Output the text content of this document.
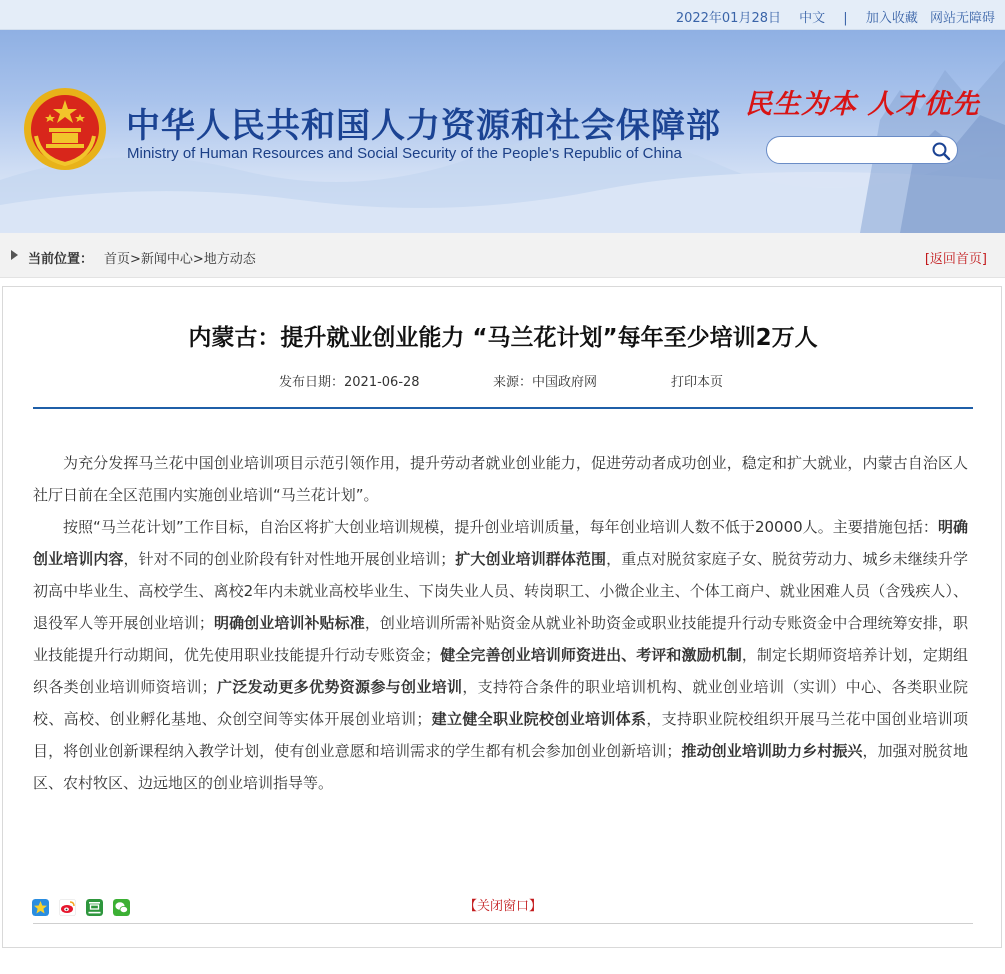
2022年01月28日 中文 | 加入收藏 网站无障碍
中华人民共和国人力资源和社会保障部
Ministry of Human Resources and Social Security of the People's Republic of China
民生为本 人才优先
当前位置： 首页>新闻中心>地方动态	[返回首页]
内蒙古：提升就业创业能力 “马兰花计划”每年至少培训2万人
发布日期：2021-06-28	来源：中国政府网	打印本页

为充分发挥马兰花中国创业培训项目示范引领作用，提升劳动者就业创业能力，促进劳动者成功创业，稳定和扩大就业，内蒙古自治区人社厅日前在全区范围内实施创业培训“马兰花计划”。

按照“马兰花计划”工作目标，自治区将扩大创业培训规模，提升创业培训质量，每年创业培训人数不低于20000人。主要措施包括：明确创业培训内容，针对不同的创业阶段有针对性地开展创业培训；扩大创业培训群体范围，重点对脱贫家庭子女、脱贫劳动力、城乡未继续升学初高中毕业生、高校学生、离校2年内未就业高校毕业生、下岗失业人员、转岗职工、小微企业主、个体工商户、就业困难人员（含残疾人）、退役军人等开展创业培训；明确创业培训补贴标准，创业培训所需补贴资金从就业补助资金或职业技能提升行动专账资金中合理统筹安排，职业技能提升行动期间，优先使用职业技能提升行动专账资金；健全完善创业培训师资进出、考评和激励机制，制定长期师资培养计划，定期组织各类创业培训师资培训；广泛发动更多优势资源参与创业培训，支持符合条件的职业培训机构、就业创业培训（实训）中心、各类职业院校、高校、创业孵化基地、众创空间等实体开展创业培训；建立健全职业院校创业培训体系，支持职业院校组织开展马兰花中国创业培训项目，将创业创新课程纳入教学计划，使有创业意愿和培训需求的学生都有机会参加创业创新培训；推动创业培训助力乡村振兴，加强对脱贫地区、农村牧区、边远地区的创业培训指导等。

【关闭窗口】
